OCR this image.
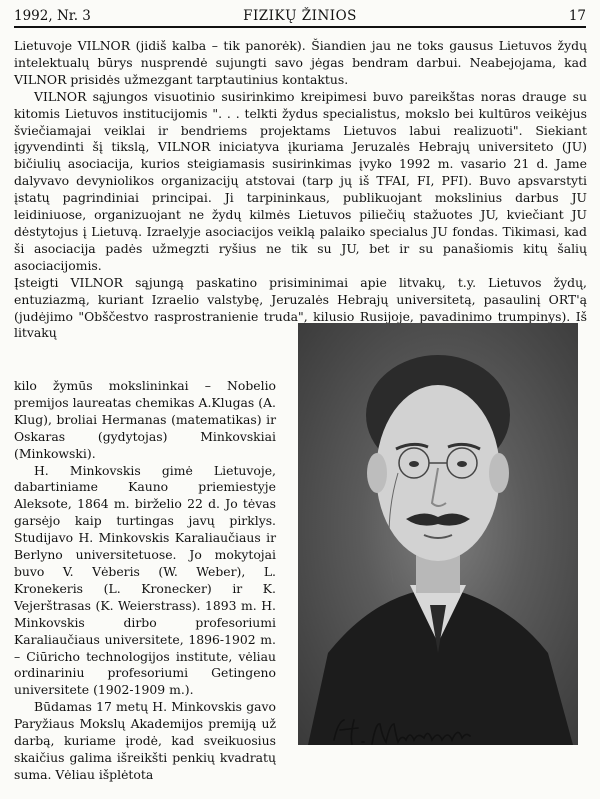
1992, Nr. 3	FIZIKŲ ŽINIOS	17

Lietuvoje VILNOR (jidiš kalba – tik panorėk). Šiandien jau ne toks gausus Lietuvos žydų intelektualų būrys nusprendė sujungti savo jėgas bendram darbui. Neabejojama, kad VILNOR prisidės užmezgant tarptautinius kontaktus.

VILNOR sąjungos visuotinio susirinkimo kreipimesi buvo pareikštas noras drauge su kitomis Lietuvos institucijomis ". . . telkti žydus specialistus, mokslo bei kultūros veikėjus šviečiamajai veiklai ir bendriems projektams Lietuvos labui realizuoti". Siekiant įgyvendinti šį tikslą, VILNOR iniciatyva įkuriama Jeruzalės Hebrajų universiteto (JU) bičiulių asociacija, kurios steigiamasis susirinkimas įvyko 1992 m. vasario 21 d. Jame dalyvavo devyniolikos organizacijų atstovai (tarp jų iš TFAI, FI, PFI). Buvo apsvarstyti įstatų pagrindiniai principai. Ji tarpininkaus, publikuojant mokslinius darbus JU leidiniuose, organizuojant ne žydų kilmės Lietuvos piliečių stažuotes JU, kviečiant JU dėstytojus į Lietuvą. Izraelyje asociacijos veiklą palaiko specialus JU fondas. Tikimasi, kad ši asociacija padės užmegzti ryšius ne tik su JU, bet ir su panašiomis kitų šalių asociacijomis.

Įsteigti VILNOR sąjungą paskatino prisiminimai apie litvakų, t.y. Lietuvos žydų, entuziazmą, kuriant Izraelio valstybę, Jeruzalės Hebrajų universitetą, pasaulinį ORT'ą (judėjimo "Obščestvo rasprostranienie truda", kilusio Rusijoje, pavadinimo trumpinys). Iš litvakų

kilo žymūs mokslininkai – Nobelio premijos laureatas chemikas A.Klugas (A. Klug), broliai Hermanas (matematikas) ir Oskaras (gydytojas) Minkovskiai (Minkowski).

H. Minkovskis gimė Lietuvoje, dabartiniame Kauno priemiestyje Aleksote, 1864 m. birželio 22 d. Jo tėvas garsėjo kaip turtingas javų pirklys. Studijavo H. Minkovskis Karaliaučiaus ir Berlyno universitetuose. Jo mokytojai buvo V. Vėberis (W. Weber), L. Kronekeris (L. Kronecker) ir K. Vejerštrasas (K. Weierstrass). 1893 m. H. Minkovskis dirbo profesoriumi Karaliaučiaus universitete, 1896-1902 m. – Ciūricho technologijos institute, vėliau ordinariniu profesoriumi Getingeno universitete (1902-1909 m.).

Būdamas 17 metų H. Minkovskis gavo Paryžiaus Mokslų Akademijos premiją už darbą, kuriame įrodė, kad sveikuosius skaičius galima išreikšti penkių kvadratų suma. Vėliau išplėtota
